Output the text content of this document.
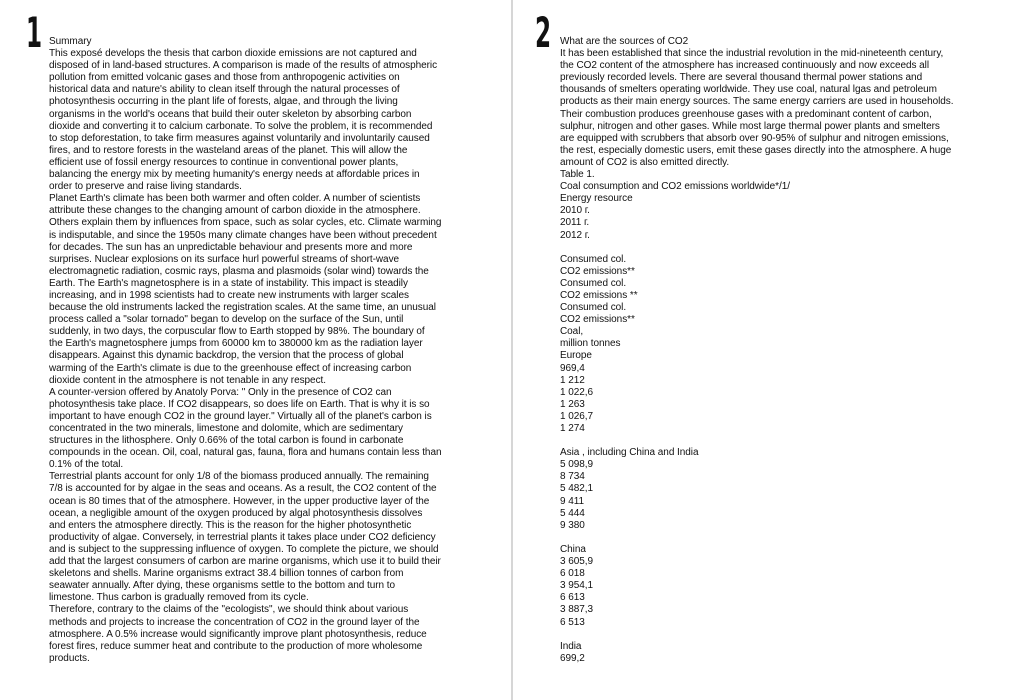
1 Summary
This exposé develops the thesis that carbon dioxide emissions are not captured and
disposed of in land-based structures. A comparison is made of the results of atmospheric
pollution from emitted volcanic gases and those from anthropogenic activities on
historical data and nature's ability to clean itself through the natural processes of
photosynthesis occurring in the plant life of forests, algae, and through the living
organisms in the world's oceans that build their outer skeleton by absorbing carbon
dioxide and converting it to calcium carbonate. To solve the problem, it is recommended
to stop deforestation, to take firm measures against voluntarily and involuntarily caused
fires, and to restore forests in the wasteland areas of the planet. This will allow the
efficient use of fossil energy resources to continue in conventional power plants,
balancing the energy mix by meeting humanity's energy needs at affordable prices in
order to preserve and raise living standards.
Planet Earth's climate has been both warmer and often colder. A number of scientists
attribute these changes to the changing amount of carbon dioxide in the atmosphere.
Others explain them by influences from space, such as solar cycles, etc. Climate warming
is indisputable, and since the 1950s many climate changes have been without precedent
for decades. The sun has an unpredictable behaviour and presents more and more
surprises. Nuclear explosions on its surface hurl powerful streams of short-wave
electromagnetic radiation, cosmic rays, plasma and plasmoids (solar wind) towards the
Earth. The Earth's magnetosphere is in a state of instability. This impact is steadily
increasing, and in 1998 scientists had to create new instruments with larger scales
because the old instruments lacked the registration scales. At the same time, an unusual
process called a "solar tornado" began to develop on the surface of the Sun, until
suddenly, in two days, the corpuscular flow to Earth stopped by 98%. The boundary of
the Earth's magnetosphere jumps from 60000 km to 380000 km as the radiation layer
disappears. Against this dynamic backdrop, the version that the process of global
warming of the Earth's climate is due to the greenhouse effect of increasing carbon
dioxide content in the atmosphere is not tenable in any respect.
A counter-version offered by Anatoly Porva: " Only in the presence of CO2 can
photosynthesis take place. If CO2 disappears, so does life on Earth. That is why it is so
important to have enough CO2 in the ground layer." Virtually all of the planet's carbon is
concentrated in the two minerals, limestone and dolomite, which are sedimentary
structures in the lithosphere. Only 0.66% of the total carbon is found in carbonate
compounds in the ocean. Oil, coal, natural gas, fauna, flora and humans contain less than
0.1% of the total.
Terrestrial plants account for only 1/8 of the biomass produced annually. The remaining
7/8 is accounted for by algae in the seas and oceans. As a result, the CO2 content of the
ocean is 80 times that of the atmosphere. However, in the upper productive layer of the
ocean, a negligible amount of the oxygen produced by algal photosynthesis dissolves
and enters the atmosphere directly. This is the reason for the higher photosynthetic
productivity of algae. Conversely, in terrestrial plants it takes place under CO2 deficiency
and is subject to the suppressing influence of oxygen. To complete the picture, we should
add that the largest consumers of carbon are marine organisms, which use it to build their
skeletons and shells. Marine organisms extract 38.4 billion tonnes of carbon from
seawater annually. After dying, these organisms settle to the bottom and turn to
limestone. Thus carbon is gradually removed from its cycle.
Therefore, contrary to the claims of the "ecologists", we should think about various
methods and projects to increase the concentration of CO2 in the ground layer of the
atmosphere. A 0.5% increase would significantly improve plant photosynthesis, reduce
forest fires, reduce summer heat and contribute to the production of more wholesome
products.
2 What are the sources of CO2
It has been established that since the industrial revolution in the mid-nineteenth century,
the CO2 content of the atmosphere has increased continuously and now exceeds all
previously recorded levels. There are several thousand thermal power stations and
thousands of smelters operating worldwide. They use coal, natural lgas and petroleum
products as their main energy sources. The same energy carriers are used in households.
Their combustion produces greenhouse gases with a predominant content of carbon,
sulphur, nitrogen and other gases. While most large thermal power plants and smelters
are equipped with scrubbers that absorb over 90-95% of sulphur and nitrogen emissions,
the rest, especially domestic users, emit these gases directly into the atmosphere. A huge
amount of CO2 is also emitted directly.
Table 1.
Coal consumption and CO2 emissions worldwide*/1/
Energy resource
2010 г.
2011 г.
2012 г.
Consumed col.
CO2 emissions**
Consumed col.
CO2 emissions **
Consumed col.
CO2 emissions**
Coal,
million tonnes
Europe
969,4
1 212
1 022,6
1 263
1 026,7
1 274
Asia , including China and India
5 098,9
8 734
5 482,1
9 411
5 444
9 380
China
3 605,9
6 018
3 954,1
6 613
3 887,3
6 513
India
699,2
